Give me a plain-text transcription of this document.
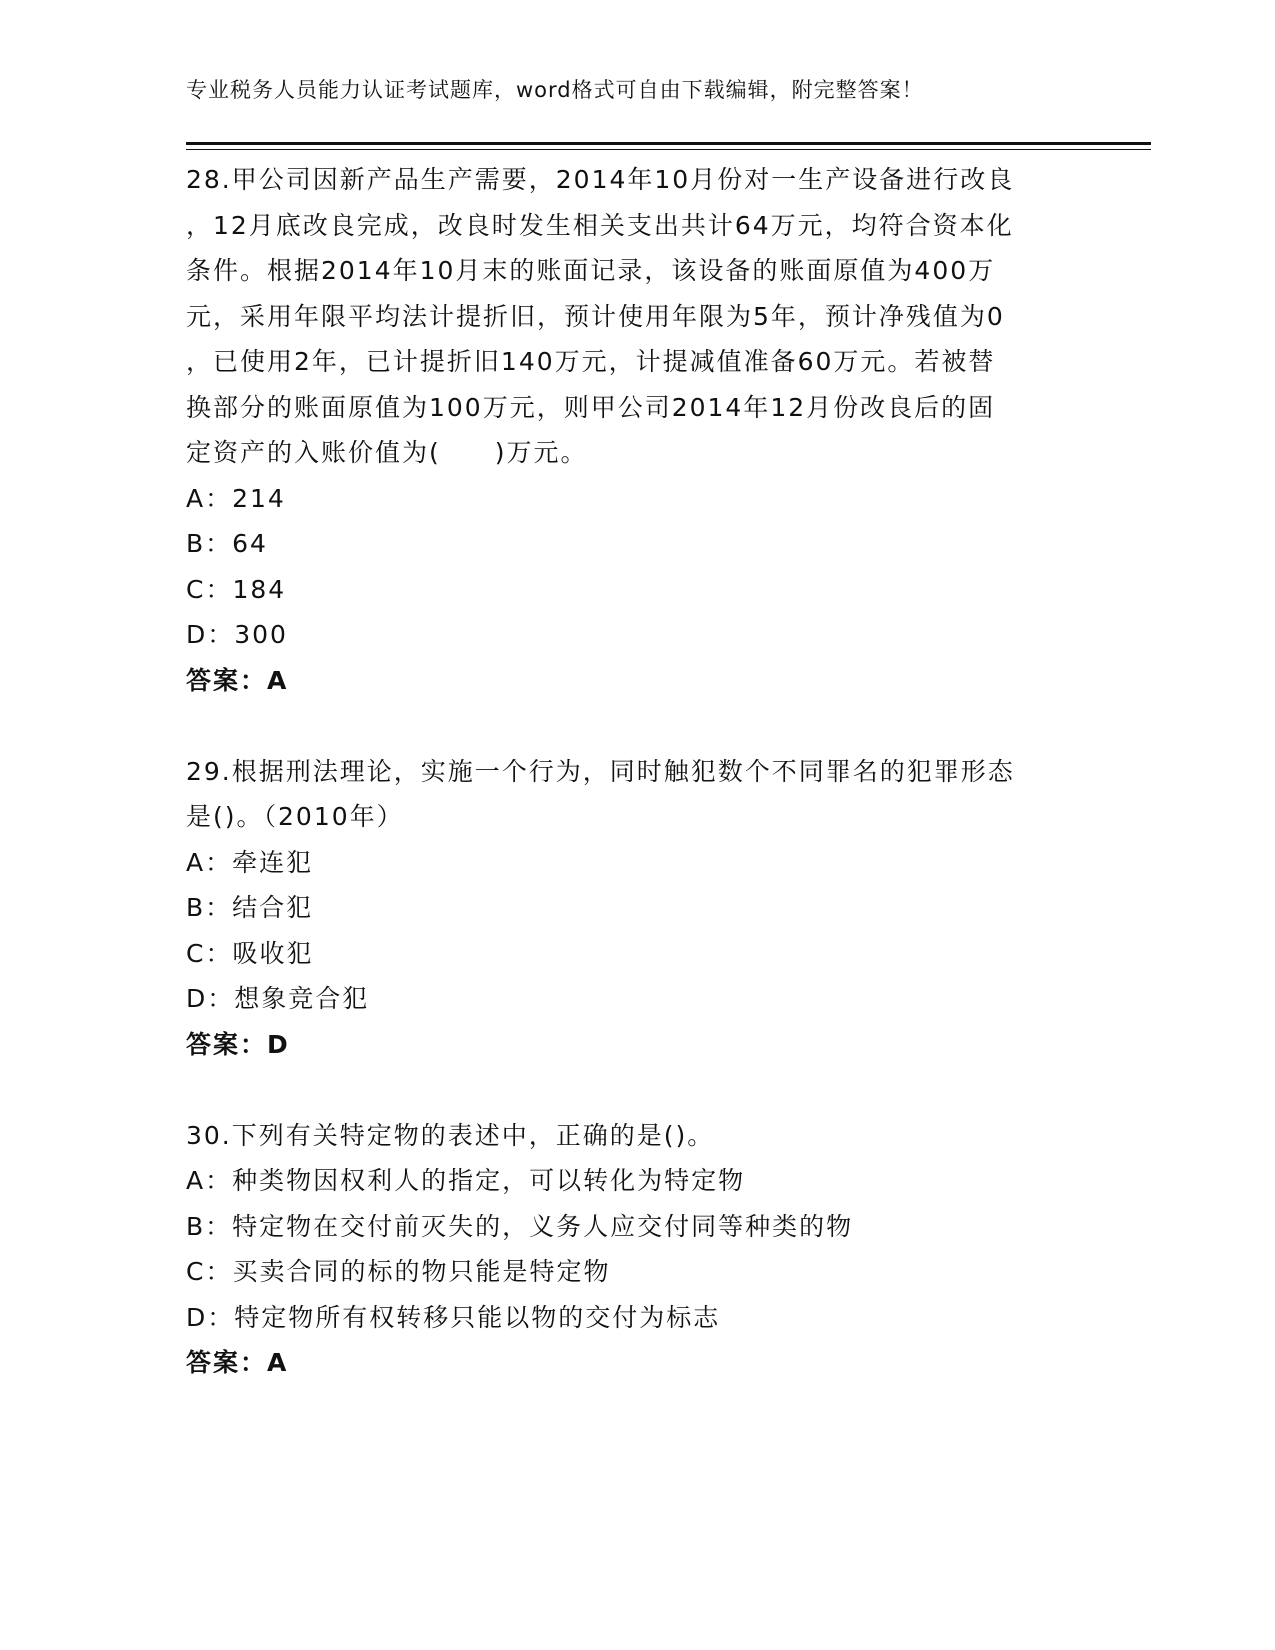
专业税务人员能力认证考试题库，word格式可自由下载编辑，附完整答案！
28.甲公司因新产品生产需要，2014年10月份对一生产设备进行改良
，12月底改良完成，改良时发生相关支出共计64万元，均符合资本化
条件。根据2014年10月末的账面记录，该设备的账面原值为400万
元，采用年限平均法计提折旧，预计使用年限为5年，预计净残值为0
，已使用2年，已计提折旧140万元，计提减值准备60万元。若被替
换部分的账面原值为100万元，则甲公司2014年12月份改良后的固
定资产的入账价值为(　　)万元。
A：214
B：64
C：184
D：300
答案：A
29.根据刑法理论，实施一个行为，同时触犯数个不同罪名的犯罪形态
是()。（2010年）
A：牵连犯
B：结合犯
C：吸收犯
D：想象竞合犯
答案：D
30.下列有关特定物的表述中，正确的是()。
A：种类物因权利人的指定，可以转化为特定物
B：特定物在交付前灭失的，义务人应交付同等种类的物
C：买卖合同的标的物只能是特定物
D：特定物所有权转移只能以物的交付为标志
答案：A
